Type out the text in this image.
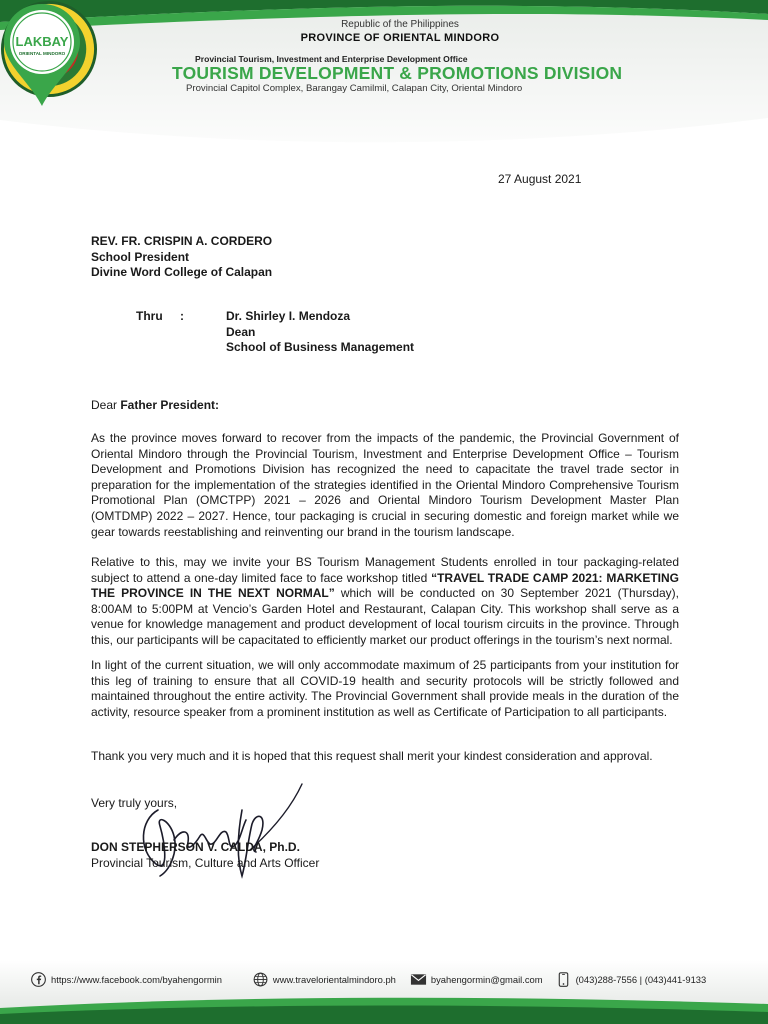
LAKBAY
ORIENTAL MINDORO
Republic of the Philippines
PROVINCE OF ORIENTAL MINDORO
Provincial Tourism, Investment and Enterprise Development Office
TOURISM DEVELOPMENT & PROMOTIONS DIVISION
Provincial Capitol Complex, Barangay Camilmil, Calapan City, Oriental Mindoro
27 August 2021
REV. FR. CRISPIN A. CORDERO
School President
Divine Word College of Calapan
Thru :	Dr. Shirley I. Mendoza
Dean
School of Business Management
Dear Father President:
As the province moves forward to recover from the impacts of the pandemic, the Provincial Government of Oriental Mindoro through the Provincial Tourism, Investment and Enterprise Development Office – Tourism Development and Promotions Division has recognized the need to capacitate the travel trade sector in preparation for the implementation of the strategies identified in the Oriental Mindoro Comprehensive Tourism Promotional Plan (OMCTPP) 2021 – 2026 and Oriental Mindoro Tourism Development Master Plan (OMTDMP) 2022 – 2027. Hence, tour packaging is crucial in securing domestic and foreign market while we gear towards reestablishing and reinventing our brand in the tourism landscape.
Relative to this, may we invite your BS Tourism Management Students enrolled in tour packaging-related subject to attend a one-day limited face to face workshop titled “TRAVEL TRADE CAMP 2021: MARKETING THE PROVINCE IN THE NEXT NORMAL” which will be conducted on 30 September 2021 (Thursday), 8:00AM to 5:00PM at Vencio’s Garden Hotel and Restaurant, Calapan City. This workshop shall serve as a venue for knowledge management and product development of local tourism circuits in the province. Through this, our participants will be capacitated to efficiently market our product offerings in the tourism’s next normal.
In light of the current situation, we will only accommodate maximum of 25 participants from your institution for this leg of training to ensure that all COVID-19 health and security protocols will be strictly followed and maintained throughout the entire activity. The Provincial Government shall provide meals in the duration of the activity, resource speaker from a prominent institution as well as Certificate of Participation to all participants.
Thank you very much and it is hoped that this request shall merit your kindest consideration and approval.
Very truly yours,
DON STEPHERSON V. CALDA, Ph.D.
Provincial Tourism, Culture and Arts Officer
https://www.facebook.com/byahengormin	www.travelorientalmindoro.ph	byahengormin@gmail.com	(043)288-7556 | (043)441-9133
